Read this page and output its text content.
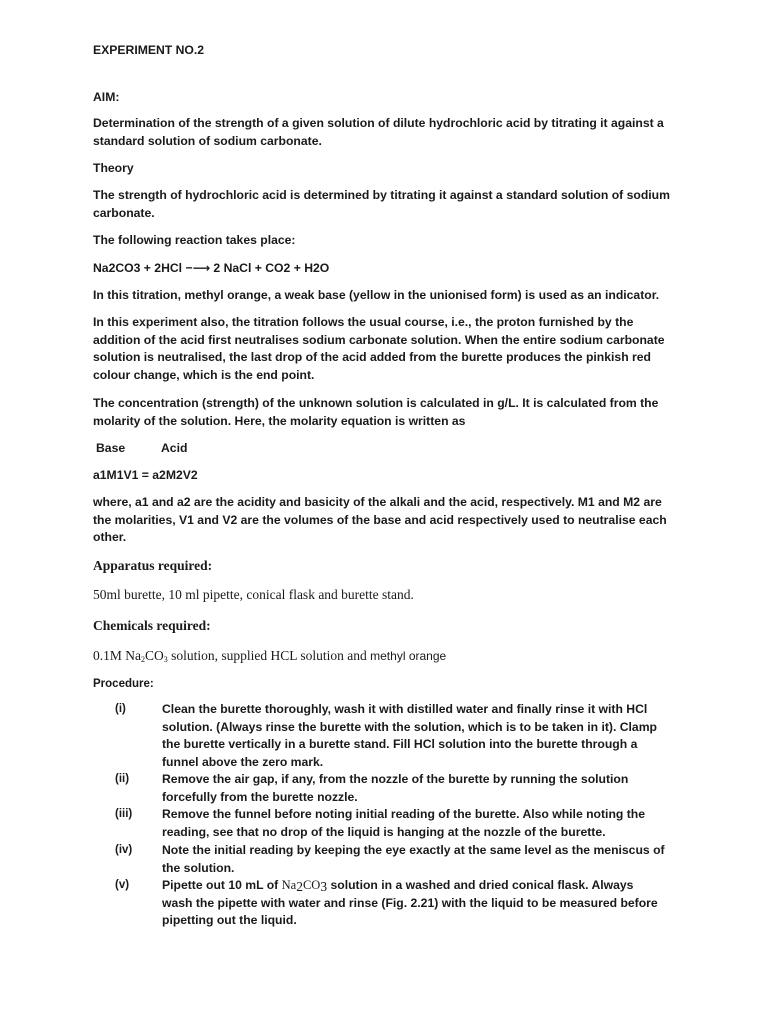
EXPERIMENT NO.2
AIM:
Determination of the strength of a given solution of dilute hydrochloric acid by titrating it against a standard solution of sodium carbonate.
Theory
The strength of hydrochloric acid is determined by titrating it against a standard solution of sodium carbonate.
The following reaction takes place:
Na2CO3 + 2HCl −⟶ 2 NaCl + CO2 + H2O
In this titration, methyl orange, a weak base (yellow in the unionised form) is used as an indicator.
In this experiment also, the titration follows the usual course, i.e., the proton furnished by the addition of the acid first neutralises sodium carbonate solution. When the entire sodium carbonate solution is neutralised, the last drop of the acid added from the burette produces the pinkish red colour change, which is the end point.
The concentration (strength) of the unknown solution is calculated in g/L. It is calculated from the molarity of the solution. Here, the molarity equation is written as
Base	Acid
a1M1V1 = a2M2V2
where, a1 and a2 are the acidity and basicity of the alkali and the acid, respectively. M1 and M2 are the molarities, V1 and V2 are the volumes of the base and acid respectively used to neutralise each other.
Apparatus required:
50ml burette, 10 ml pipette, conical flask and burette stand.
Chemicals required:
0.1M $Na_2CO_3$ solution, supplied HCL solution and methyl orange
Procedure:
(i)	Clean the burette thoroughly, wash it with distilled water and finally rinse it with HCl solution. (Always rinse the burette with the solution, which is to be taken in it). Clamp the burette vertically in a burette stand. Fill HCl solution into the burette through a funnel above the zero mark.
(ii)	Remove the air gap, if any, from the nozzle of the burette by running the solution forcefully from the burette nozzle.
(iii) Remove the funnel before noting initial reading of the burette. Also while noting the reading, see that no drop of the liquid is hanging at the nozzle of the burette.
(iv) Note the initial reading by keeping the eye exactly at the same level as the meniscus of the solution.
(v)	Pipette out 10 mL of $Na_2CO_3$ solution in a washed and dried conical flask. Always wash the pipette with water and rinse (Fig. 2.21) with the liquid to be measured before pipetting out the liquid.
